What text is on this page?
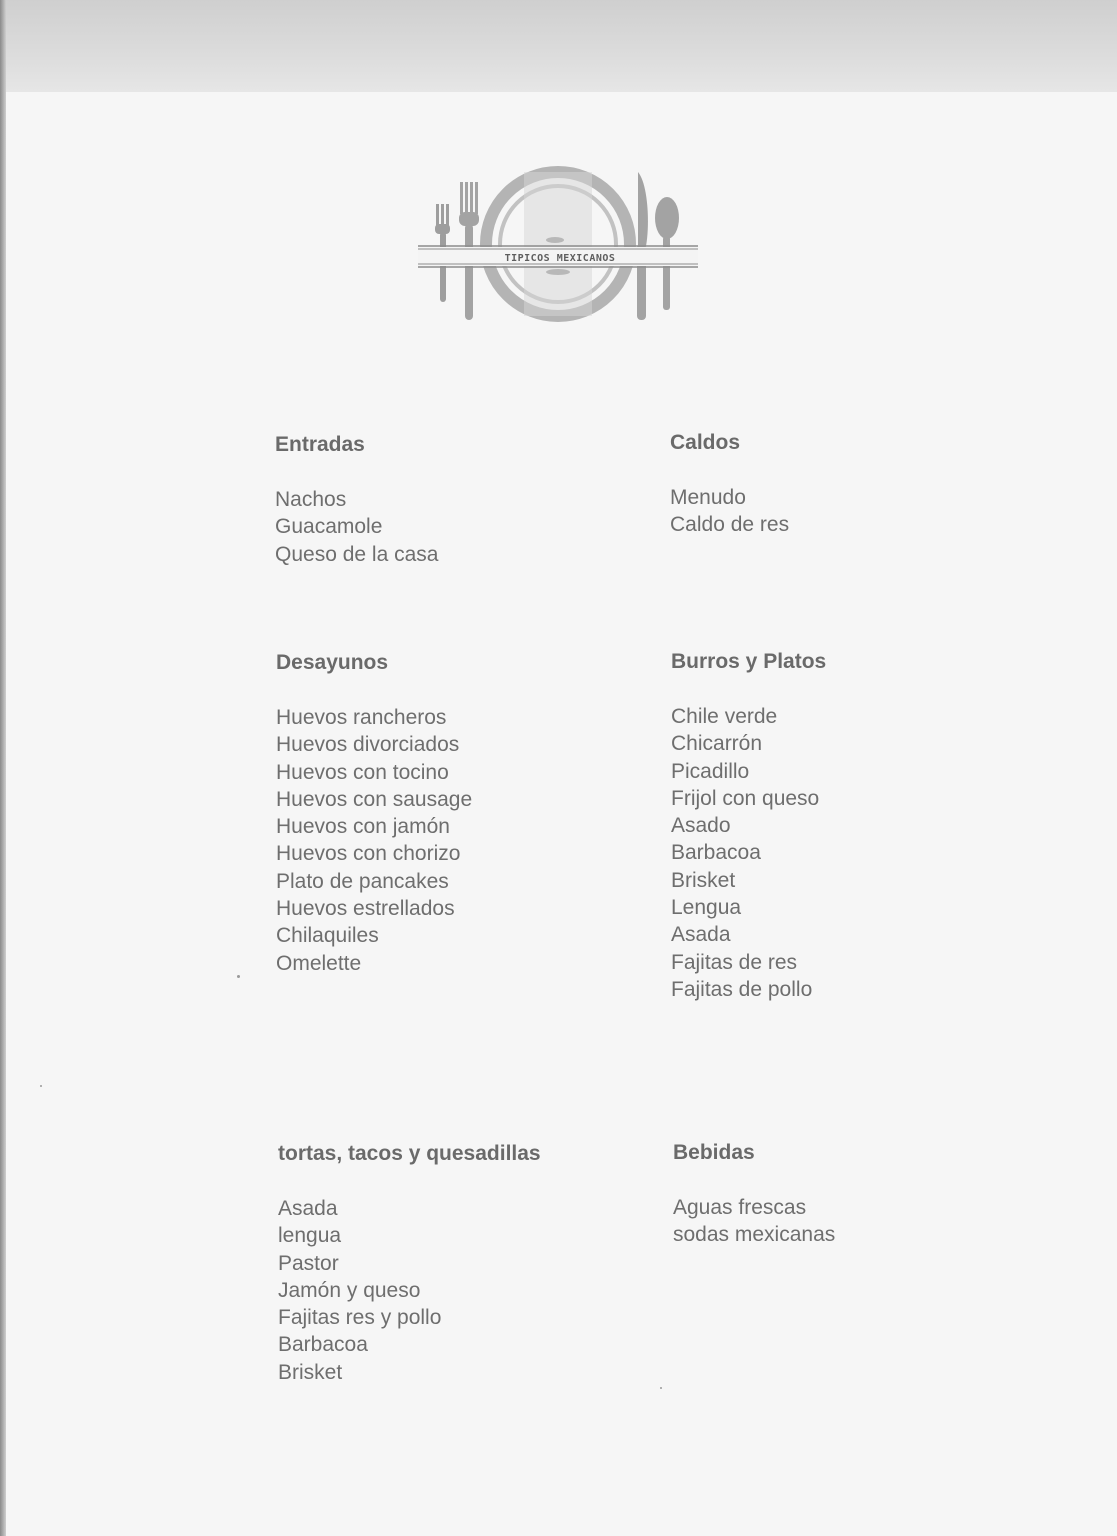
TIPICOS MEXICANOS
Entradas
Nachos
Guacamole
Queso de la casa
Caldos
Menudo
Caldo de res
Desayunos
Huevos rancheros
Huevos divorciados
Huevos con tocino
Huevos con sausage
Huevos con jamón
Huevos con chorizo
Plato de pancakes
Huevos estrellados
Chilaquiles
Omelette
Burros y Platos
Chile verde
Chicarrón
Picadillo
Frijol con queso
Asado
Barbacoa
Brisket
Lengua
Asada
Fajitas de res
Fajitas de pollo
tortas, tacos y quesadillas
Asada
lengua
Pastor
Jamón y queso
Fajitas res y pollo
Barbacoa
Brisket
Bebidas
Aguas frescas
sodas mexicanas
